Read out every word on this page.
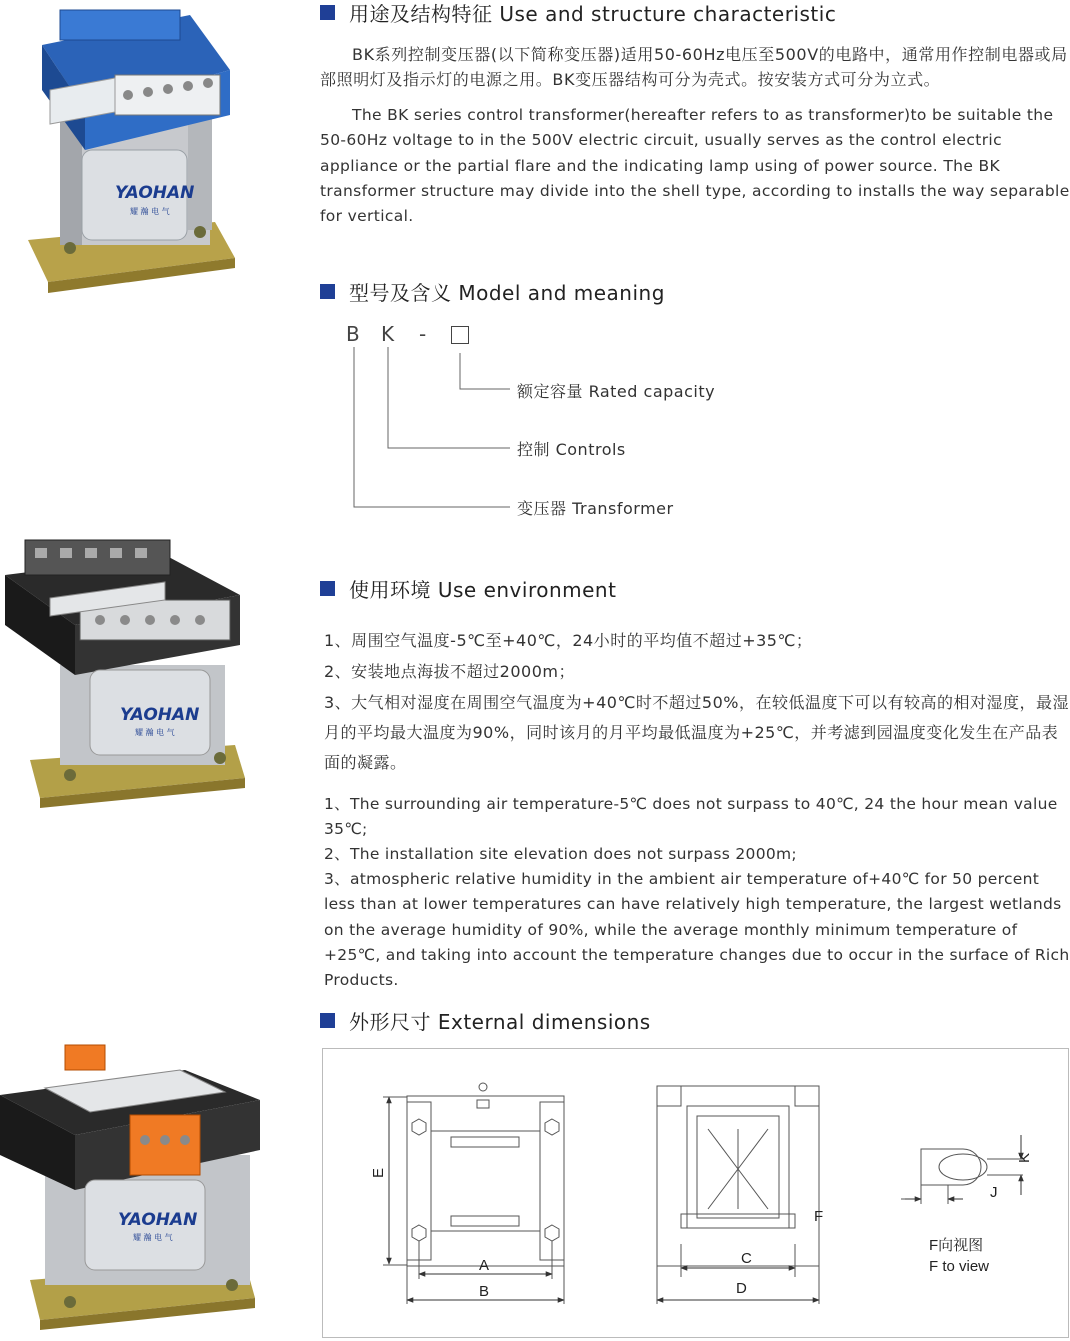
YAOHAN
耀 瀚 电 气
YAOHAN
耀 瀚 电 气
YAOHAN
耀 瀚 电 气
用途及结构特征 Use and structure characteristic

BK系列控制变压器(以下简称变压器)适用50-60Hz电压至500V的电路中，通常用作控制电器或局部照明灯及指示灯的电源之用。BK变压器结构可分为壳式。按安装方式可分为立式。

The BK series control transformer(hereafter refers to as transformer)to be suitable the 50-60Hz voltage to in the 500V electric circuit, usually serves as the control electric appliance or the partial flare and the indicating lamp using of power source. The BK transformer structure may divide into the shell type, according to installs the way separable for vertical.

型号及含义 Model and meaning
B K -
额定容量 Rated capacity
控制 Controls
变压器 Transformer
使用环境 Use environment

1、周围空气温度-5℃至+40℃，24小时的平均值不超过+35℃；

2、安装地点海拔不超过2000m；

3、大气相对湿度在周围空气温度为+40℃时不超过50%，在较低温度下可以有较高的相对湿度，最湿月的平均最大温度为90%，同时该月的月平均最低温度为+25℃，并考滤到园温度变化发生在产品表面的凝露。

1、The surrounding air temperature-5℃ does not surpass to 40℃, 24 the hour mean value 35℃;

2、The installation site elevation does not surpass 2000m;

3、atmospheric relative humidity in the ambient air temperature of+40℃ for 50 percent less than at lower temperatures can have relatively high temperature, the largest wetlands on the average humidity of 90%, while the average monthly minimum temperature of +25℃, and taking into account the temperature changes due to occur in the surface of Rich Products.

外形尺寸 External dimensions
E
A
B
C
D
F
J
K
F向视图
F to view
